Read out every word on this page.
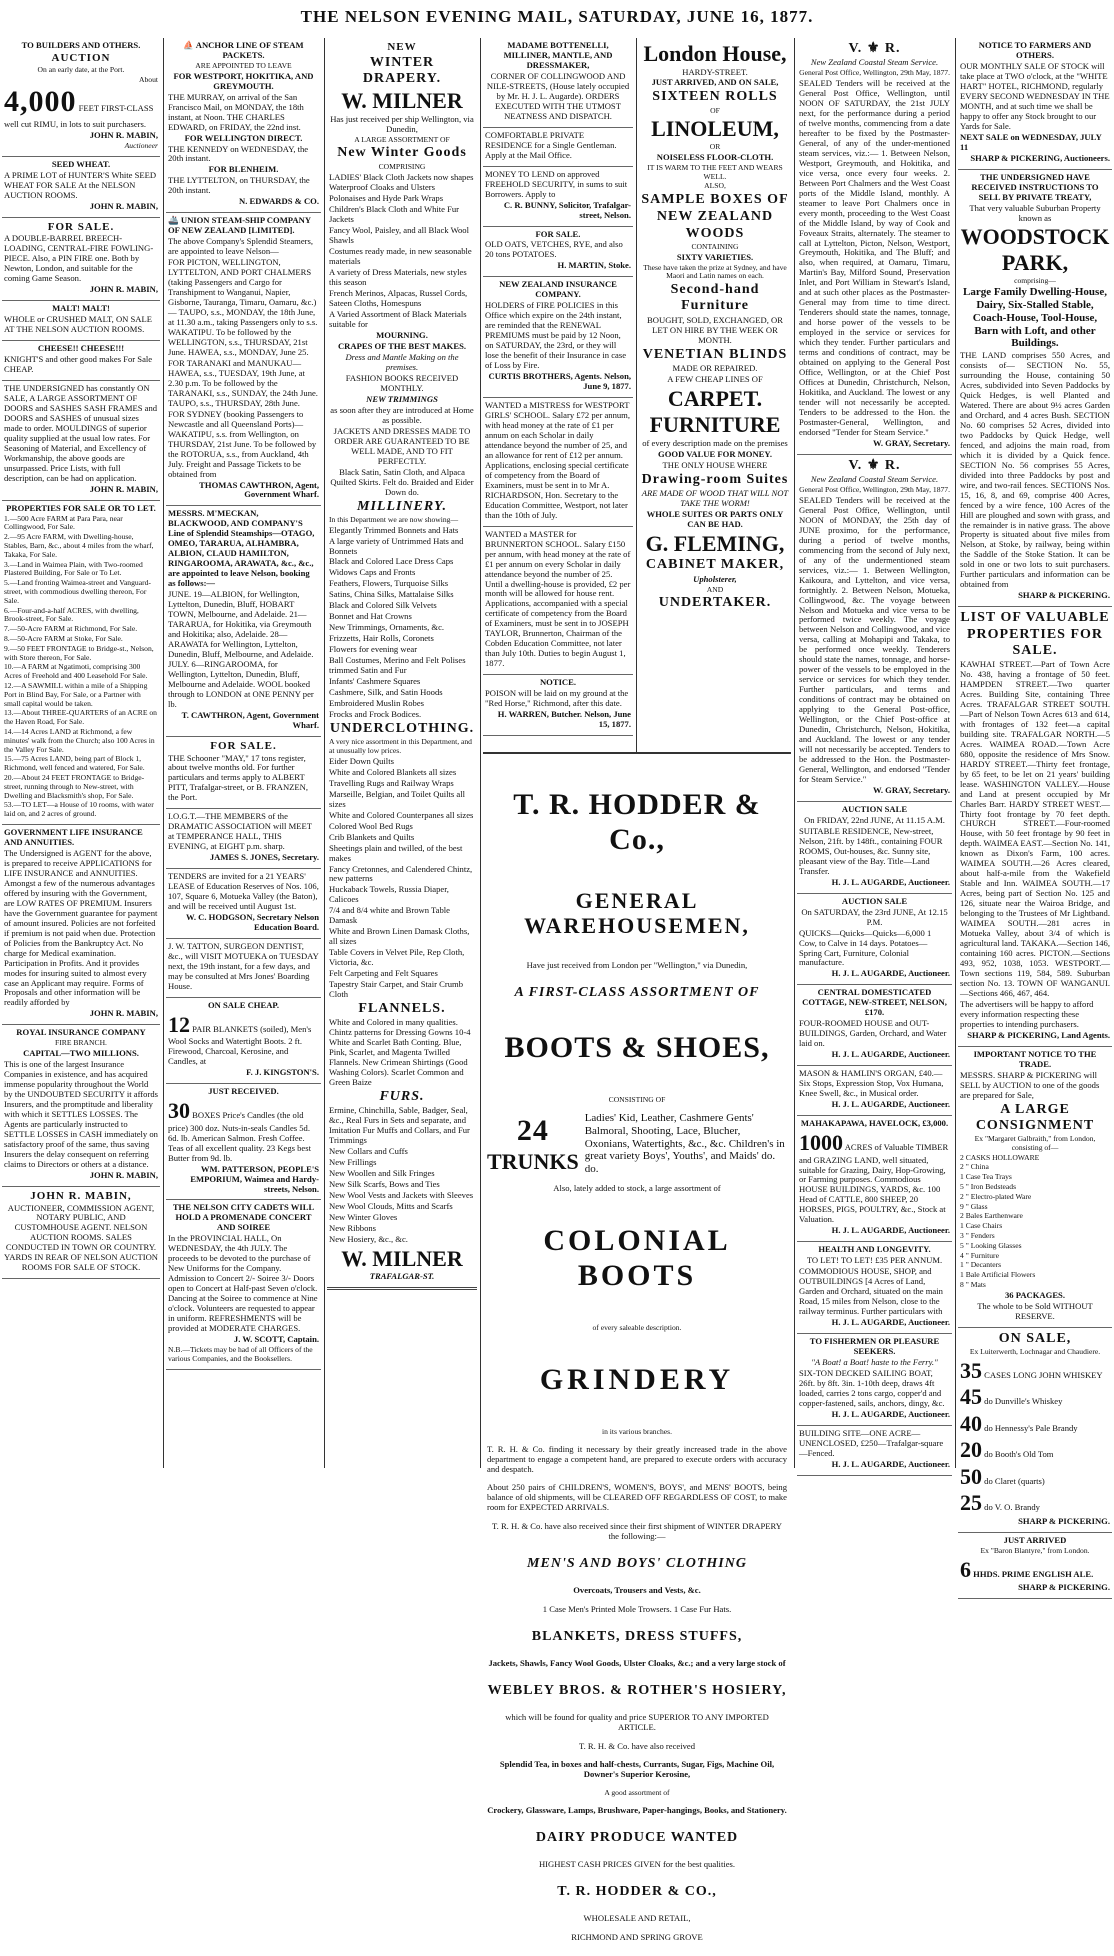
THE NELSON EVENING MAIL, SATURDAY, JUNE 16, 1877.

TO BUILDERS AND OTHERS.

AUCTION

On an early date, at the Port.

About

4,000 FEET FIRST-CLASS well cut RIMU, in lots to suit purchasers.

JOHN R. MABIN,

Auctioneer

SEED WHEAT.

A PRIME LOT of HUNTER'S White SEED WHEAT FOR SALE At the NELSON AUCTION ROOMS.

JOHN R. MABIN,

FOR SALE.

A DOUBLE-BARREL BREECH-LOADING, CENTRAL-FIRE FOWLING-PIECE. Also, a PIN FIRE one. Both by Newton, London, and suitable for the coming Game Season.

JOHN R. MABIN,

MALT! MALT!

WHOLE or CRUSHED MALT, ON SALE AT THE NELSON AUCTION ROOMS.

CHEESE!! CHEESE!!!

KNIGHT'S and other good makes For Sale CHEAP.

THE UNDERSIGNED has constantly ON SALE, A LARGE ASSORTMENT OF DOORS and SASHES SASH FRAMES and DOORS and SASHES of unusual sizes made to order. MOULDINGS of superior quality supplied at the usual low rates. For Seasoning of Material, and Excellency of Workmanship, the above goods are unsurpassed. Price Lists, with full description, can be had on application.

JOHN R. MABIN,

PROPERTIES FOR SALE OR TO LET.

1.—500 Acre FARM at Para Para, near Collingwood, For Sale.

2.—95 Acre FARM, with Dwelling-house, Stables, Barn, &c., about 4 miles from the wharf, Takaka, For Sale.

3.—Land in Waimea Plain, with Two-roomed Plastered Building, For Sale or To Let.

5.—Land fronting Waimea-street and Vanguard-street, with commodious dwelling thereon, For Sale.

6.—Four-and-a-half ACRES, with dwelling, Brook-street, For Sale.

7.—50-Acre FARM at Richmond, For Sale.

8.—50-Acre FARM at Stoke, For Sale.

9.—50 FEET FRONTAGE to Bridge-st., Nelson, with Store thereon, For Sale.

10.—A FARM at Ngatimoti, comprising 300 Acres of Freehold and 400 Leasehold For Sale.

12.—A SAWMILL within a mile of a Shipping Port in Blind Bay, For Sale, or a Partner with small capital would be taken.

13.—About THREE-QUARTERS of an ACRE on the Haven Road, For Sale.

14.—14 Acres LAND at Richmond, a few minutes' walk from the Church; also 100 Acres in the Valley For Sale.

15.—75 Acres LAND, being part of Block 1, Richmond, well fenced and watered, For Sale.

20.—About 24 FEET FRONTAGE to Bridge-street, running through to New-street, with Dwelling and Blacksmith's shop, For Sale.

53.—TO LET—a House of 10 rooms, with water laid on, and 2 acres of ground.

GOVERNMENT LIFE INSURANCE AND ANNUITIES.

The Undersigned is AGENT for the above, is prepared to receive APPLICATIONS for LIFE INSURANCE and ANNUITIES. Amongst a few of the numerous advantages offered by insuring with the Government, are LOW RATES OF PREMIUM. Insurers have the Government guarantee for payment of amount insured. Policies are not forfeited if premium is not paid when due. Protection of Policies from the Bankruptcy Act. No charge for Medical examination. Participation in Profits. And it provides modes for insuring suited to almost every case an Applicant may require. Forms of Proposals and other information will be readily afforded by

JOHN R. MABIN,

ROYAL INSURANCE COMPANY

FIRE BRANCH.

CAPITAL—TWO MILLIONS.

This is one of the largest Insurance Companies in existence, and has acquired immense popularity throughout the World by the UNDOUBTED SECURITY it affords Insurers, and the promptitude and liberality with which it SETTLES LOSSES. The Agents are particularly instructed to SETTLE LOSSES in CASH immediately on satisfactory proof of the same, thus saving Insurers the delay consequent on referring claims to Directors or others at a distance.

JOHN R. MABIN,

JOHN R. MABIN,

AUCTIONEER, COMMISSION AGENT, NOTARY PUBLIC, AND CUSTOMHOUSE AGENT. NELSON AUCTION ROOMS. SALES CONDUCTED IN TOWN OR COUNTRY. YARDS IN REAR OF NELSON AUCTION ROOMS FOR SALE OF STOCK.

⛵ ANCHOR LINE OF STEAM PACKETS.

ARE APPOINTED TO LEAVE

FOR WESTPORT, HOKITIKA, AND GREYMOUTH.

THE MURRAY, on arrival of the San Francisco Mail, on MONDAY, the 18th instant, at Noon. THE CHARLES EDWARD, on FRIDAY, the 22nd inst.

FOR WELLINGTON DIRECT.

THE KENNEDY on WEDNESDAY, the 20th instant.

FOR BLENHEIM.

THE LYTTELTON, on THURSDAY, the 20th instant.

N. EDWARDS & CO.

🚢 UNION STEAM-SHIP COMPANY OF NEW ZEALAND [LIMITED].

The above Company's Splendid Steamers, are appointed to leave Nelson—

FOR PICTON, WELLINGTON, LYTTELTON, AND PORT CHALMERS (taking Passengers and Cargo for Transhipment to Wanganui, Napier, Gisborne, Tauranga, Timaru, Oamaru, &c.) — TAUPO, s.s., MONDAY, the 18th June, at 11.30 a.m., taking Passengers only to s.s. WAKATIPU. To be followed by the WELLINGTON, s.s., THURSDAY, 21st June. HAWEA, s.s., MONDAY, June 25.

FOR TARANAKI and MANUKAU—HAWEA, s.s., TUESDAY, 19th June, at 2.30 p.m. To be followed by the TARANAKI, s.s., SUNDAY, the 24th June. TAUPO, s.s., THURSDAY, 28th June.

FOR SYDNEY (booking Passengers to Newcastle and all Queensland Ports)—WAKATIPU, s.s. from Wellington, on THURSDAY, 21st June. To be followed by the ROTORUA, s.s., from Auckland, 4th July. Freight and Passage Tickets to be obtained from

THOMAS CAWTHRON, Agent, Government Wharf.

MESSRS. M'MECKAN, BLACKWOOD, AND COMPANY'S Line of Splendid Steamships—OTAGO, OMEO, TARARUA, ALHAMBRA, ALBION, CLAUD HAMILTON, RINGAROOMA, ARAWATA, &c., &c., are appointed to leave Nelson, booking as follows:—

JUNE. 19—ALBION, for Wellington, Lyttelton, Dunedin, Bluff, HOBART TOWN, Melbourne, and Adelaide. 21—TARARUA, for Hokitika, via Greymouth and Hokitika; also, Adelaide. 28—ARAWATA for Wellington, Lyttelton, Dunedin, Bluff, Melbourne, and Adelaide. JULY. 6—RINGAROOMA, for Wellington, Lyttelton, Dunedin, Bluff, Melbourne and Adelaide. WOOL booked through to LONDON at ONE PENNY per lb.

T. CAWTHRON, Agent, Government Wharf.

FOR SALE.

THE Schooner "MAY," 17 tons register, about twelve months old. For further particulars and terms apply to ALBERT PITT, Trafalgar-street, or B. FRANZEN, the Port.

I.O.G.T.—THE MEMBERS of the DRAMATIC ASSOCIATION will MEET at TEMPERANCE HALL, THIS EVENING, at EIGHT p.m. sharp.

JAMES S. JONES, Secretary.

TENDERS are invited for a 21 YEARS' LEASE of Education Reserves of Nos. 106, 107, Square 6, Motueka Valley (the Baton), and will be received until August 1st.

W. C. HODGSON, Secretary Nelson Education Board.

J. W. TATTON, SURGEON DENTIST, &c., will VISIT MOTUEKA on TUESDAY next, the 19th instant, for a few days, and may be consulted at Mrs Jones' Boarding House.

ON SALE CHEAP.

12 PAIR BLANKETS (soiled), Men's Wool Socks and Watertight Boots. 2 ft. Firewood, Charcoal, Kerosine, and Candles, at

F. J. KINGSTON'S.

JUST RECEIVED.

30 BOXES Price's Candles (the old price) 300 doz. Nuts-in-seals Candles 5d. 6d. lb. American Salmon. Fresh Coffee. Teas of all excellent quality. 23 Kegs best Butter from 9d. lb.

WM. PATTERSON, PEOPLE'S EMPORIUM, Waimea and Hardy-streets, Nelson.

THE NELSON CITY CADETS WILL HOLD A PROMENADE CONCERT AND SOIREE

In the PROVINCIAL HALL, On WEDNESDAY, the 4th JULY. The proceeds to be devoted to the purchase of New Uniforms for the Company. Admission to Concert 2/- Soiree 3/- Doors open to Concert at Half-past Seven o'clock. Dancing at the Soiree to commence at Nine o'clock. Volunteers are requested to appear in uniform. REFRESHMENTS will be provided at MODERATE CHARGES.

J. W. SCOTT, Captain.

N.B.—Tickets may be had of all Officers of the various Companies, and the Booksellers.

NEW

WINTER DRAPERY.

W. MILNER

Has just received per ship Wellington, via Dunedin,

A LARGE ASSORTMENT OF

New Winter Goods

COMPRISING

LADIES' Black Cloth Jackets now shapes

Waterproof Cloaks and Ulsters

Polonaises and Hyde Park Wraps

Children's Black Cloth and White Fur Jackets

Fancy Wool, Paisley, and all Black Wool Shawls

Costumes ready made, in new seasonable materials

A variety of Dress Materials, new styles this season

French Merinos, Alpacas, Russel Cords, Sateen Cloths, Homespuns

A Varied Assortment of Black Materials suitable for

MOURNING.

CRAPES OF THE BEST MAKES.

Dress and Mantle Making on the premises.

FASHION BOOKS RECEIVED MONTHLY.

NEW TRIMMINGS

as soon after they are introduced at Home as possible.

JACKETS AND DRESSES MADE TO ORDER ARE GUARANTEED TO BE WELL MADE, AND TO FIT PERFECTLY.

Black Satin, Satin Cloth, and Alpaca Quilted Skirts. Felt do. Braided and Eider Down do.

MILLINERY.

In this Department we are now showing—

Elegantly Trimmed Bonnets and Hats

A large variety of Untrimmed Hats and Bonnets

Black and Colored Lace Dress Caps

Widows Caps and Fronts

Feathers, Flowers, Turquoise Silks

Satins, China Silks, Mattalaise Silks

Black and Colored Silk Velvets

Bonnet and Hat Crowns

New Trimmings, Ornaments, &c.

Frizzetts, Hair Rolls, Coronets

Flowers for evening wear

Ball Costumes, Merino and Felt Polises trimmed Satin and Fur

Infants' Cashmere Squares

Cashmere, Silk, and Satin Hoods

Embroidered Muslin Robes

Frocks and Frock Bodices.

UNDERCLOTHING.

A very nice assortment in this Department, and at unusually low prices.

Eider Down Quilts

White and Colored Blankets all sizes

Travelling Rugs and Railway Wraps

Marseille, Belgian, and Toilet Quilts all sizes

White and Colored Counterpanes all sizes

Colored Wool Bed Rugs

Crib Blankets and Quilts

Sheetings plain and twilled, of the best makes

Fancy Cretonnes, and Calendered Chintz, new patterns

Huckaback Towels, Russia Diaper, Calicoes

7/4 and 8/4 white and Brown Table Damask

White and Brown Linen Damask Cloths, all sizes

Table Covers in Velvet Pile, Rep Cloth, Victoria, &c.

Felt Carpeting and Felt Squares

Tapestry Stair Carpet, and Stair Crumb Cloth

FLANNELS.

White and Colored in many qualities. Chintz patterns for Dressing Gowns 10-4 White and Scarlet Bath Conting. Blue, Pink, Scarlet, and Magenta Twilled Flannels. New Crimean Shirtings (Good Washing Colors). Scarlet Common and Green Baize

FURS.

Ermine, Chinchilla, Sable, Badger, Seal, &c., Real Furs in Sets and separate, and Imitation Fur Muffs and Collars, and Fur Trimmings

New Collars and Cuffs

New Frillings

New Woollen and Silk Fringes

New Silk Scarfs, Bows and Ties

New Wool Vests and Jackets with Sleeves

New Wool Clouds, Mitts and Scarfs

New Winter Gloves

New Ribbons

New Hosiery, &c., &c.

W. MILNER

TRAFALGAR-ST.

MADAME BOTTENELLI, MILLINER, MANTLE, AND DRESSMAKER,

CORNER OF COLLINGWOOD AND NILE-STREETS, (House lately occupied by Mr. H. J. L. Augarde). ORDERS EXECUTED WITH THE UTMOST NEATNESS AND DISPATCH.

COMFORTABLE PRIVATE RESIDENCE for a Single Gentleman. Apply at the Mail Office.

MONEY TO LEND on approved FREEHOLD SECURITY, in sums to suit Borrowers. Apply to

C. R. BUNNY, Solicitor, Trafalgar-street, Nelson.

FOR SALE.

OLD OATS, VETCHES, RYE, and also 20 tons POTATOES.

H. MARTIN, Stoke.

NEW ZEALAND INSURANCE COMPANY.

HOLDERS of FIRE POLICIES in this Office which expire on the 24th instant, are reminded that the RENEWAL PREMIUMS must be paid by 12 Noon, on SATURDAY, the 23rd, or they will lose the benefit of their Insurance in case of Loss by Fire.

CURTIS BROTHERS, Agents. Nelson, June 9, 1877.

WANTED a MISTRESS for WESTPORT GIRLS' SCHOOL. Salary £72 per annum, with head money at the rate of £1 per annum on each Scholar in daily attendance beyond the number of 25, and an allowance for rent of £12 per annum. Applications, enclosing special certificate of competency from the Board of Examiners, must be sent in to Mr A. RICHARDSON, Hon. Secretary to the Education Committee, Westport, not later than the 10th of July.

WANTED a MASTER for BRUNNERTON SCHOOL. Salary £150 per annum, with head money at the rate of £1 per annum on every Scholar in daily attendance beyond the number of 25. Until a dwelling-house is provided, £2 per month will be allowed for house rent. Applications, accompanied with a special certificate of competency from the Board of Examiners, must be sent in to JOSEPH TAYLOR, Brunnerton, Chairman of the Cobden Education Committee, not later than July 10th. Duties to begin August 1, 1877.

NOTICE.

POISON will be laid on my ground at the "Red Horse," Richmond, after this date.

H. WARREN, Butcher. Nelson, June 15, 1877.

London House,

HARDY-STREET.

JUST ARRIVED, AND ON SALE,

SIXTEEN ROLLS

OF

LINOLEUM,

OR

NOISELESS FLOOR-CLOTH.

IT IS WARM TO THE FEET AND WEARS WELL.

ALSO,

SAMPLE BOXES OF

NEW ZEALAND WOODS

CONTAINING

SIXTY VARIETIES.

These have taken the prize at Sydney, and have Maori and Latin names on each.

Second-hand Furniture

BOUGHT, SOLD, EXCHANGED, OR LET ON HIRE BY THE WEEK OR MONTH.

VENETIAN BLINDS

MADE OR REPAIRED.

A FEW CHEAP LINES OF

CARPET.

FURNITURE

of every description made on the premises

GOOD VALUE FOR MONEY.

THE ONLY HOUSE WHERE

Drawing-room Suites

ARE MADE OF WOOD THAT WILL NOT TAKE THE WORM!

WHOLE SUITES OR PARTS ONLY CAN BE HAD.

G. FLEMING,

CABINET MAKER,

Upholsterer,

AND

UNDERTAKER.

T. R. HODDER & Co.,

GENERAL WAREHOUSEMEN,

Have just received from London per "Wellington," via Dunedin,

A FIRST-CLASS ASSORTMENT OF

BOOTS & SHOES,

CONSISTING OF

24
TRUNKS
Ladies' Kid, Leather, Cashmere Gents' Balmoral, Shooting, Lace, Blucher, Oxonians, Watertights, &c., &c. Children's in great variety Boys', Youths', and Maids' do. do.

Also, lately added to stock, a large assortment of

COLONIAL BOOTS

of every saleable description.

GRINDERY

in its various branches.

T. R. H. & Co. finding it necessary by their greatly increased trade in the above department to engage a competent hand, are prepared to execute orders with accuracy and despatch.

About 250 pairs of CHILDREN'S, WOMEN'S, BOYS', and MENS' BOOTS, being balance of old shipments, will be CLEARED OFF REGARDLESS OF COST, to make room for EXPECTED ARRIVALS.

T. R. H. & Co. have also received since their first shipment of WINTER DRAPERY the following:—

MEN'S AND BOYS' CLOTHING

Overcoats, Trousers and Vests, &c.

1 Case Men's Printed Mole Trowsers. 1 Case Fur Hats.

BLANKETS, DRESS STUFFS,

Jackets, Shawls, Fancy Wool Goods, Ulster Cloaks, &c.; and a very large stock of

WEBLEY BROS. & ROTHER'S HOSIERY,

which will be found for quality and price SUPERIOR TO ANY IMPORTED ARTICLE.

T. R. H. & Co. have also received

Splendid Tea, in boxes and half-chests, Currants, Sugar, Figs, Machine Oil, Downer's Superior Kerosine,

A good assortment of

Crockery, Glassware, Lamps, Brushware, Paper-hangings, Books, and Stationery.

DAIRY PRODUCE WANTED

HIGHEST CASH PRICES GIVEN for the best qualities.

T. R. HODDER & CO.,

WHOLESALE AND RETAIL,

RICHMOND AND SPRING GROVE

V. ⚜ R.

New Zealand Coastal Steam Service.

General Post Office, Wellington, 29th May, 1877.

SEALED Tenders will be received at the General Post Office, Wellington, until NOON OF SATURDAY, the 21st JULY next, for the performance during a period of twelve months, commencing from a date hereafter to be fixed by the Postmaster-General, of any of the under-mentioned steam services, viz.:— 1. Between Nelson, Westport, Greymouth, and Hokitika, and vice versa, once every four weeks. 2. Between Port Chalmers and the West Coast ports of the Middle Island, monthly. A steamer to leave Port Chalmers once in every month, proceeding to the West Coast of the Middle Island, by way of Cook and Foveaux Straits, alternately. The steamer to call at Lyttelton, Picton, Nelson, Westport, Greymouth, Hokitika, and The Bluff; and also, when required, at Oamaru, Timaru, Martin's Bay, Milford Sound, Preservation Inlet, and Port William in Stewart's Island, and at such other places as the Postmaster-General may from time to time direct. Tenderers should state the names, tonnage, and horse power of the vessels to be employed in the service or services for which they tender. Further particulars and terms and conditions of contract, may be obtained on applying to the General Post Office, Wellington, or at the Chief Post Offices at Dunedin, Christchurch, Nelson, Hokitika, and Auckland. The lowest or any tender will not necessarily be accepted. Tenders to be addressed to the Hon. the Postmaster-General, Wellington, and endorsed "Tender for Steam Service."

W. GRAY, Secretary.

V. ⚜ R.

New Zealand Coastal Steam Service.

General Post Office, Wellington, 29th May, 1877.

SEALED Tenders will be received at the General Post Office, Wellington, until NOON of MONDAY, the 25th day of JUNE proximo, for the performance, during a period of twelve months, commencing from the second of July next, of any of the undermentioned steam services, viz.:— 1. Between Wellington, Kaikoura, and Lyttelton, and vice versa, fortnightly. 2. Between Nelson, Motueka, Collingwood, &c. The voyage between Nelson and Motueka and vice versa to be performed twice weekly. The voyage between Nelson and Collingwood, and vice versa, calling at Mohapipi and Takaka, to be performed once weekly. Tenderers should state the names, tonnage, and horse-power of the vessels to be employed in the service or services for which they tender. Further particulars, and terms and conditions of contract may be obtained on applying to the General Post-office, Wellington, or the Chief Post-office at Dunedin, Christchurch, Nelson, Hokitika, and Auckland. The lowest or any tender will not necessarily be accepted. Tenders to be addressed to the Hon. the Postmaster-General, Wellington, and endorsed "Tender for Steam Service."

W. GRAY, Secretary.

AUCTION SALE

On FRIDAY, 22nd JUNE, At 11.15 A.M.

SUITABLE RESIDENCE, New-street, Nelson, 21ft. by 148ft., containing FOUR ROOMS, Out-houses, &c. Sunny site, pleasant view of the Bay. Title—Land Transfer.

H. J. L. AUGARDE, Auctioneer.

AUCTION SALE

On SATURDAY, the 23rd JUNE, At 12.15 P.M.

QUICKS—Quicks—Quicks—6,000 1 Cow, to Calve in 14 days. Potatoes—Spring Cart, Furniture, Colonial manufacture.

H. J. L. AUGARDE, Auctioneer.

CENTRAL DOMESTICATED COTTAGE, NEW-STREET, NELSON, £170.

FOUR-ROOMED HOUSE and OUT-BUILDINGS, Garden, Orchard, and Water laid on.

H. J. L. AUGARDE, Auctioneer.

MASON & HAMLIN'S ORGAN, £40.—Six Stops, Expression Stop, Vox Humana, Knee Swell, &c., in Musical order.

H. J. L. AUGARDE, Auctioneer.

MAHAKAPAWA, HAVELOCK, £3,000.

1000 ACRES of Valuable TIMBER and GRAZING LAND, well situated, suitable for Grazing, Dairy, Hop-Growing, or Farming purposes. Commodious HOUSE BUILDINGS, YARDS, &c. 100 Head of CATTLE, 800 SHEEP, 20 HORSES, PIGS, POULTRY, &c., Stock at Valuation.

H. J. L. AUGARDE, Auctioneer.

HEALTH AND LONGEVITY.

TO LET! TO LET! £35 PER ANNUM.

COMMODIOUS HOUSE, SHOP, and OUTBUILDINGS [4 Acres of Land, Garden and Orchard, situated on the main Road, 15 miles from Nelson, close to the railway terminus. Further particulars with

H. J. L. AUGARDE, Auctioneer.

TO FISHERMEN OR PLEASURE SEEKERS.

"A Boat! a Boat! haste to the Ferry."

SIX-TON DECKED SAILING BOAT, 26ft. by 8ft. 3in. 1-10th deep, draws 4ft loaded, carries 2 tons cargo, copper'd and copper-fastened, sails, anchors, dingy, &c.

H. J. L. AUGARDE, Auctioneer.

BUILDING SITE—ONE ACRE—UNENCLOSED, £250—Trafalgar-square—Fenced.

H. J. L. AUGARDE, Auctioneer.

NOTICE TO FARMERS AND OTHERS.

OUR MONTHLY SALE OF STOCK will take place at TWO o'clock, at the "WHITE HART" HOTEL, RICHMOND, regularly EVERY SECOND WEDNESDAY IN THE MONTH, and at such time we shall be happy to offer any Stock brought to our Yards for Sale.

NEXT SALE on WEDNESDAY, JULY 11

SHARP & PICKERING, Auctioneers.

THE UNDERSIGNED HAVE RECEIVED INSTRUCTIONS TO SELL BY PRIVATE TREATY,

That very valuable Suburban Property known as

WOODSTOCK PARK,

comprising—

Large Family Dwelling-House, Dairy, Six-Stalled Stable, Coach-House, Tool-House, Barn with Loft, and other Buildings.

THE LAND comprises 550 Acres, and consists of— SECTION No. 55, surrounding the House, containing 50 Acres, subdivided into Seven Paddocks by Quick Hedges, is well Planted and Watered. There are about 9½ acres Garden and Orchard, and 4 acres Bush. SECTION No. 60 comprises 52 Acres, divided into two Paddocks by Quick Hedge, well fenced, and adjoins the main road, from which it is divided by a Quick fence. SECTION No. 56 comprises 55 Acres, divided into three Paddocks by post and wire, and two-rail fences. SECTIONS Nos. 15, 16, 8, and 69, comprise 400 Acres, fenced by a wire fence, 100 Acres of the Hill are ploughed and sown with grass, and the remainder is in native grass. The above Property is situated about five miles from Nelson, at Stoke, by railway, being within the Saddle of the Stoke Station. It can be sold in one or two lots to suit purchasers. Further particulars and information can be obtained from

SHARP & PICKERING.

LIST OF VALUABLE PROPERTIES FOR SALE.

KAWHAI STREET.—Part of Town Acre No. 438, having a frontage of 50 feet. HAMPDEN STREET.—Two quarter Acres. Building Site, containing Three Acres. TRAFALGAR STREET SOUTH.—Part of Nelson Town Acres 613 and 614, with frontages of 132 feet—a capital building site. TRAFALGAR NORTH.—5 Acres. WAIMEA ROAD.—Town Acre 680, opposite the residence of Mrs Snow. HARDY STREET.—Thirty feet frontage, by 65 feet, to be let on 21 years' building lease. WASHINGTON VALLEY.—House and Land at present occupied by Mr Charles Barr. HARDY STREET WEST.—Thirty foot frontage by 70 feet depth. CHURCH STREET.—Four-roomed House, with 50 feet frontage by 90 feet in depth. WAIMEA EAST.—Section No. 141, known as Dixon's Farm, 100 acres. WAIMEA SOUTH.—26 Acres cleared, about half-a-mile from the Wakefield Stable and Inn. WAIMEA SOUTH.—17 Acres, being part of Section No. 125 and 126, situate near the Wairoa Bridge, and belonging to the Trustees of Mr Lightband. WAIMEA SOUTH.—281 acres in Motueka Valley, about 3/4 of which is agricultural land. TAKAKA.—Section 146, containing 160 acres. PICTON.—Sections 493, 952, 1038, 1053. WESTPORT.—Town sections 119, 584, 589. Suburban section No. 13. TOWN OF WANGANUI.—Sections 466, 467, 464.

The advertisers will be happy to afford every information respecting these properties to intending purchasers.

SHARP & PICKERING, Land Agents.

IMPORTANT NOTICE TO THE TRADE.

MESSRS. SHARP & PICKERING will SELL by AUCTION to one of the goods are prepared for Sale,

A LARGE CONSIGNMENT

Ex "Margaret Galbraith," from London, consisting of—

2 CASKS HOLLOWARE

2 " China

1 Case Tea Trays

5 " Iron Bedsteads

2 " Electro-plated Ware

9 " Glass

2 Bales Earthenware

1 Case Chairs

3 " Fenders

5 " Looking Glasses

4 " Furniture

1 " Decanters

1 Bale Artificial Flowers

8 " Mats

36 PACKAGES.

The whole to be Sold WITHOUT RESERVE.

ON SALE,

Ex Luiterwerth, Lochnagar and Chaudiere.

35 CASES LONG JOHN WHISKEY

45 do Dunville's Whiskey

40 do Hennessy's Pale Brandy

20 do Booth's Old Tom

50 do Claret (quarts)

25 do V. O. Brandy

SHARP & PICKERING.

JUST ARRIVED

Ex "Baron Blantyre," from London.

6 HHDS. PRIME ENGLISH ALE.

SHARP & PICKERING.
